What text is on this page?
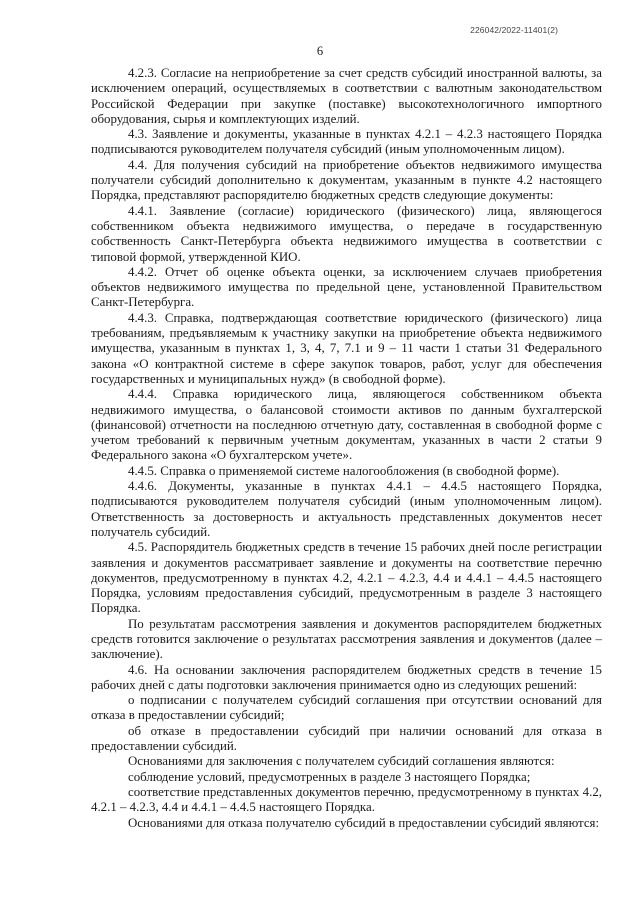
226042/2022-11401(2)
6

4.2.3. Согласие на неприобретение за счет средств субсидий иностранной валюты, за исключением операций, осуществляемых в соответствии с валютным законодательством Российской Федерации при закупке (поставке) высокотехнологичного импортного оборудования, сырья и комплектующих изделий.

4.3. Заявление и документы, указанные в пунктах 4.2.1 – 4.2.3 настоящего Порядка подписываются руководителем получателя субсидий (иным уполномоченным лицом).

4.4. Для получения субсидий на приобретение объектов недвижимого имущества получатели субсидий дополнительно к документам, указанным в пункте 4.2 настоящего Порядка, представляют распорядителю бюджетных средств следующие документы:

4.4.1. Заявление (согласие) юридического (физического) лица, являющегося собственником объекта недвижимого имущества, о передаче в государственную собственность Санкт-Петербурга объекта недвижимого имущества в соответствии с типовой формой, утвержденной КИО.

4.4.2. Отчет об оценке объекта оценки, за исключением случаев приобретения объектов недвижимого имущества по предельной цене, установленной Правительством Санкт-Петербурга.

4.4.3. Справка, подтверждающая соответствие юридического (физического) лица требованиям, предъявляемым к участнику закупки на приобретение объекта недвижимого имущества, указанным в пунктах 1, 3, 4, 7, 7.1 и 9 – 11 части 1 статьи 31 Федерального закона «О контрактной системе в сфере закупок товаров, работ, услуг для обеспечения государственных и муниципальных нужд» (в свободной форме).

4.4.4. Справка юридического лица, являющегося собственником объекта недвижимого имущества, о балансовой стоимости активов по данным бухгалтерской (финансовой) отчетности на последнюю отчетную дату, составленная в свободной форме с учетом требований к первичным учетным документам, указанных в части 2 статьи 9 Федерального закона «О бухгалтерском учете».

4.4.5. Справка о применяемой системе налогообложения (в свободной форме).

4.4.6. Документы, указанные в пунктах 4.4.1 – 4.4.5 настоящего Порядка, подписываются руководителем получателя субсидий (иным уполномоченным лицом). Ответственность за достоверность и актуальность представленных документов несет получатель субсидий.

4.5. Распорядитель бюджетных средств в течение 15 рабочих дней после регистрации заявления и документов рассматривает заявление и документы на соответствие перечню документов, предусмотренному в пунктах 4.2, 4.2.1 – 4.2.3, 4.4 и 4.4.1 – 4.4.5 настоящего Порядка, условиям предоставления субсидий, предусмотренным в разделе 3 настоящего Порядка.

По результатам рассмотрения заявления и документов распорядителем бюджетных средств готовится заключение о результатах рассмотрения заявления и документов (далее – заключение).

4.6. На основании заключения распорядителем бюджетных средств в течение 15 рабочих дней с даты подготовки заключения принимается одно из следующих решений:

о подписании с получателем субсидий соглашения при отсутствии оснований для отказа в предоставлении субсидий;

об отказе в предоставлении субсидий при наличии оснований для отказа в предоставлении субсидий.

Основаниями для заключения с получателем субсидий соглашения являются:

соблюдение условий, предусмотренных в разделе 3 настоящего Порядка;

соответствие представленных документов перечню, предусмотренному в пунктах 4.2, 4.2.1 – 4.2.3, 4.4 и 4.4.1 – 4.4.5 настоящего Порядка.

Основаниями для отказа получателю субсидий в предоставлении субсидий являются:
